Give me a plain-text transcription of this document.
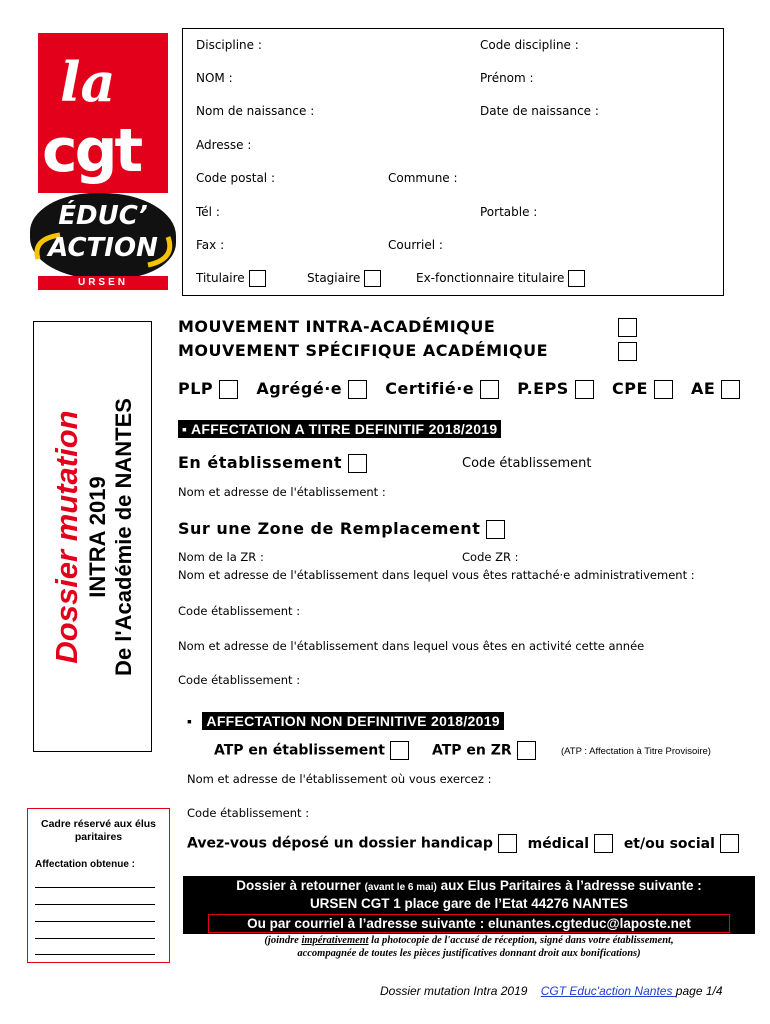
la
cgt
ÉDUC’
ACTION
URSEN
Discipline :	Code discipline :
NOM :	Prénom :
Nom de naissance :	Date de naissance :
Adresse :
Code postal :	Commune :
Tél :	Portable :
Fax :	Courriel :
Titulaire	Stagiaire	Ex-fonctionnaire titulaire
Dossier mutation INTRA 2019 De l'Académie de NANTES
MOUVEMENT INTRA-ACADÉMIQUE
MOUVEMENT SPÉCIFIQUE ACADÉMIQUE
PLP	Agrégé·e	Certifié·e	P.EPS	CPE	AE
▪ AFFECTATION A TITRE DEFINITIF 2018/2019
En établissement	Code établissement
Nom et adresse de l'établissement :
Sur une Zone de Remplacement
Nom de la ZR :	Code ZR :
Nom et adresse de l'établissement dans lequel vous êtes rattaché·e administrativement :
Code établissement :
Nom et adresse de l'établissement dans lequel vous êtes en activité cette année
Code établissement :
▪ AFFECTATION NON DEFINITIVE 2018/2019
ATP en établissement	ATP en ZR	(ATP : Affectation à Titre Provisoire)
Nom et adresse de l'établissement où vous exercez :
Code établissement :
Avez-vous déposé un dossier handicap médical et/ou social
Cadre réservé aux élus paritaires
Affectation obtenue :
Dossier à retourner (avant le 6 mai) aux Elus Paritaires à l’adresse suivante :
URSEN CGT 1 place gare de l’Etat 44276 NANTES
Ou par courriel à l’adresse suivante : elunantes.cgteduc@laposte.net
(joindre impérativement la photocopie de l'accusé de réception, signé dans votre établissement,
accompagnée de toutes les pièces justificatives donnant droit aux bonifications)
Dossier mutation Intra 2019 CGT Educ'action Nantes page 1/4
